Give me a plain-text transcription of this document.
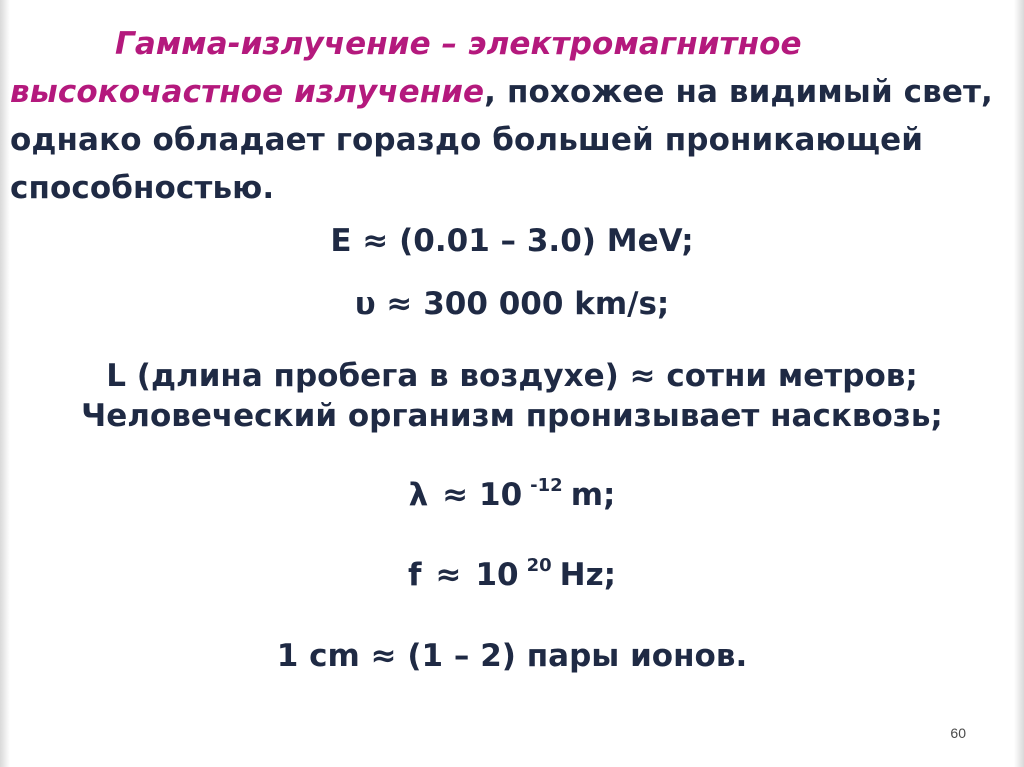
Гамма-излучение – электромагнитное
высокочастное излучение, похожее на видимый свет,
однако обладает гораздо большей проникающей
способностью.
E ≈ (0.01 – 3.0) MeV;
υ ≈ 300 000 km/s;
L (длина пробега в воздухе) ≈ сотни метров;
Человеческий организм пронизывает насквозь;
λ ≈ 10 $^{-12}$ m;
f ≈ 10 $^{20}$ Hz;
1 cm ≈ (1 – 2) пары ионов.
60
